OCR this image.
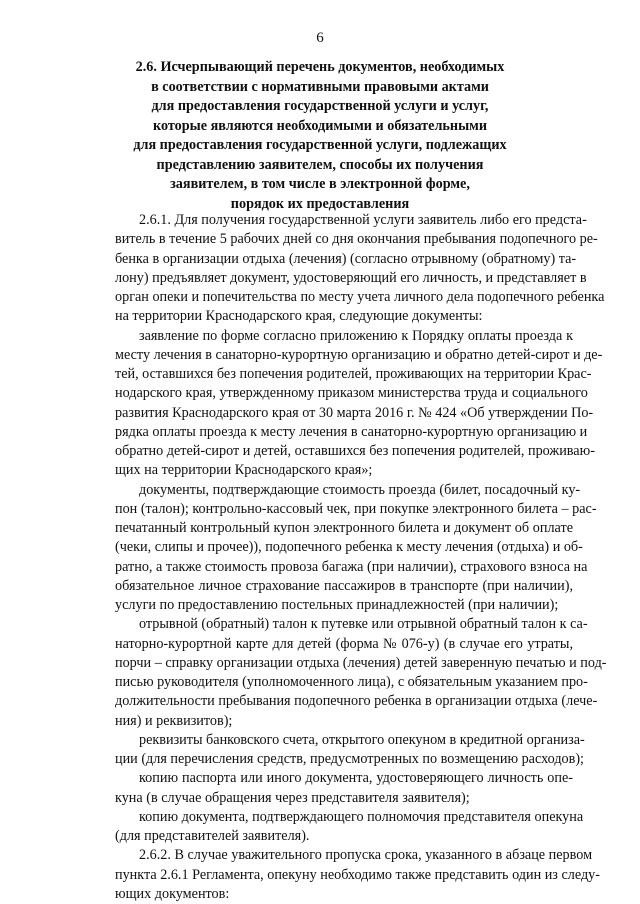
6
2.6. Исчерпывающий перечень документов, необходимых
в соответствии с нормативными правовыми актами
для предоставления государственной услуги и услуг,
которые являются необходимыми и обязательными
для предоставления государственной услуги, подлежащих
представлению заявителем, способы их получения
заявителем, в том числе в электронной форме,
порядок их предоставления
2.6.1. Для получения государственной услуги заявитель либо его предста-
витель в течение 5 рабочих дней со дня окончания пребывания подопечного ре-
бенка в организации отдыха (лечения) (согласно отрывному (обратному) та-
лону) предъявляет документ, удостоверяющий его личность, и представляет в
орган опеки и попечительства по месту учета личного дела подопечного ребенка
на территории Краснодарского края, следующие документы:
заявление по форме согласно приложению к Порядку оплаты проезда к
месту лечения в санаторно-курортную организацию и обратно детей-сирот и де-
тей, оставшихся без попечения родителей, проживающих на территории Крас-
нодарского края, утвержденному приказом министерства труда и социального
развития Краснодарского края от 30 марта 2016 г. № 424 «Об утверждении По-
рядка оплаты проезда к месту лечения в санаторно-курортную организацию и
обратно детей-сирот и детей, оставшихся без попечения родителей, проживаю-
щих на территории Краснодарского края»;
документы, подтверждающие стоимость проезда (билет, посадочный ку-
пон (талон); контрольно-кассовый чек, при покупке электронного билета – рас-
печатанный контрольный купон электронного билета и документ об оплате
(чеки, слипы и прочее)), подопечного ребенка к месту лечения (отдыха) и об-
ратно, а также стоимость провоза багажа (при наличии), страхового взноса на
обязательное личное страхование пассажиров в транспорте (при наличии),
услуги по предоставлению постельных принадлежностей (при наличии);
отрывной (обратный) талон к путевке или отрывной обратный талон к са-
наторно-курортной карте для детей (форма № 076-у) (в случае его утраты,
порчи – справку организации отдыха (лечения) детей заверенную печатью и под-
писью руководителя (уполномоченного лица), с обязательным указанием про-
должительности пребывания подопечного ребенка в организации отдыха (лече-
ния) и реквизитов);
реквизиты банковского счета, открытого опекуном в кредитной организа-
ции (для перечисления средств, предусмотренных по возмещению расходов);
копию паспорта или иного документа, удостоверяющего личность опе-
куна (в случае обращения через представителя заявителя);
копию документа, подтверждающего полномочия представителя опекуна
(для представителей заявителя).
2.6.2. В случае уважительного пропуска срока, указанного в абзаце первом
пункта 2.6.1 Регламента, опекуну необходимо также представить один из следу-
ющих документов:
